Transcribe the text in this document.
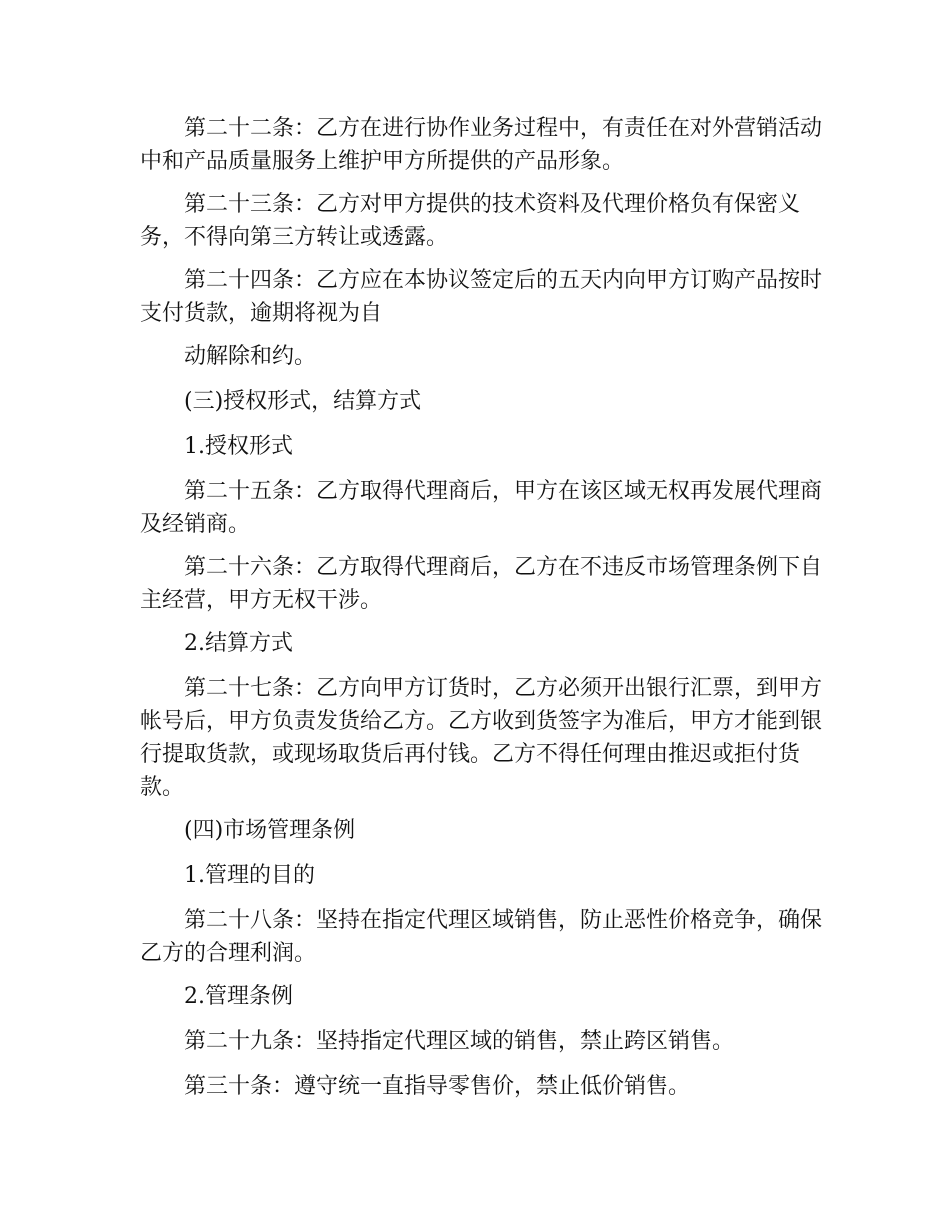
第二十二条：乙方在进行协作业务过程中，有责任在对外营销活动中和产品质量服务上维护甲方所提供的产品形象。

第二十三条：乙方对甲方提供的技术资料及代理价格负有保密义务，不得向第三方转让或透露。

第二十四条：乙方应在本协议签定后的五天内向甲方订购产品按时支付货款，逾期将视为自

动解除和约。

(三)授权形式，结算方式

1.授权形式

第二十五条：乙方取得代理商后，甲方在该区域无权再发展代理商及经销商。

第二十六条：乙方取得代理商后，乙方在不违反市场管理条例下自主经营，甲方无权干涉。

2.结算方式

第二十七条：乙方向甲方订货时，乙方必须开出银行汇票，到甲方帐号后，甲方负责发货给乙方。乙方收到货签字为准后，甲方才能到银行提取货款，或现场取货后再付钱。乙方不得任何理由推迟或拒付货款。

(四)市场管理条例

1.管理的目的

第二十八条：坚持在指定代理区域销售，防止恶性价格竞争，确保乙方的合理利润。

2.管理条例

第二十九条：坚持指定代理区域的销售，禁止跨区销售。

第三十条：遵守统一直指导零售价，禁止低价销售。
